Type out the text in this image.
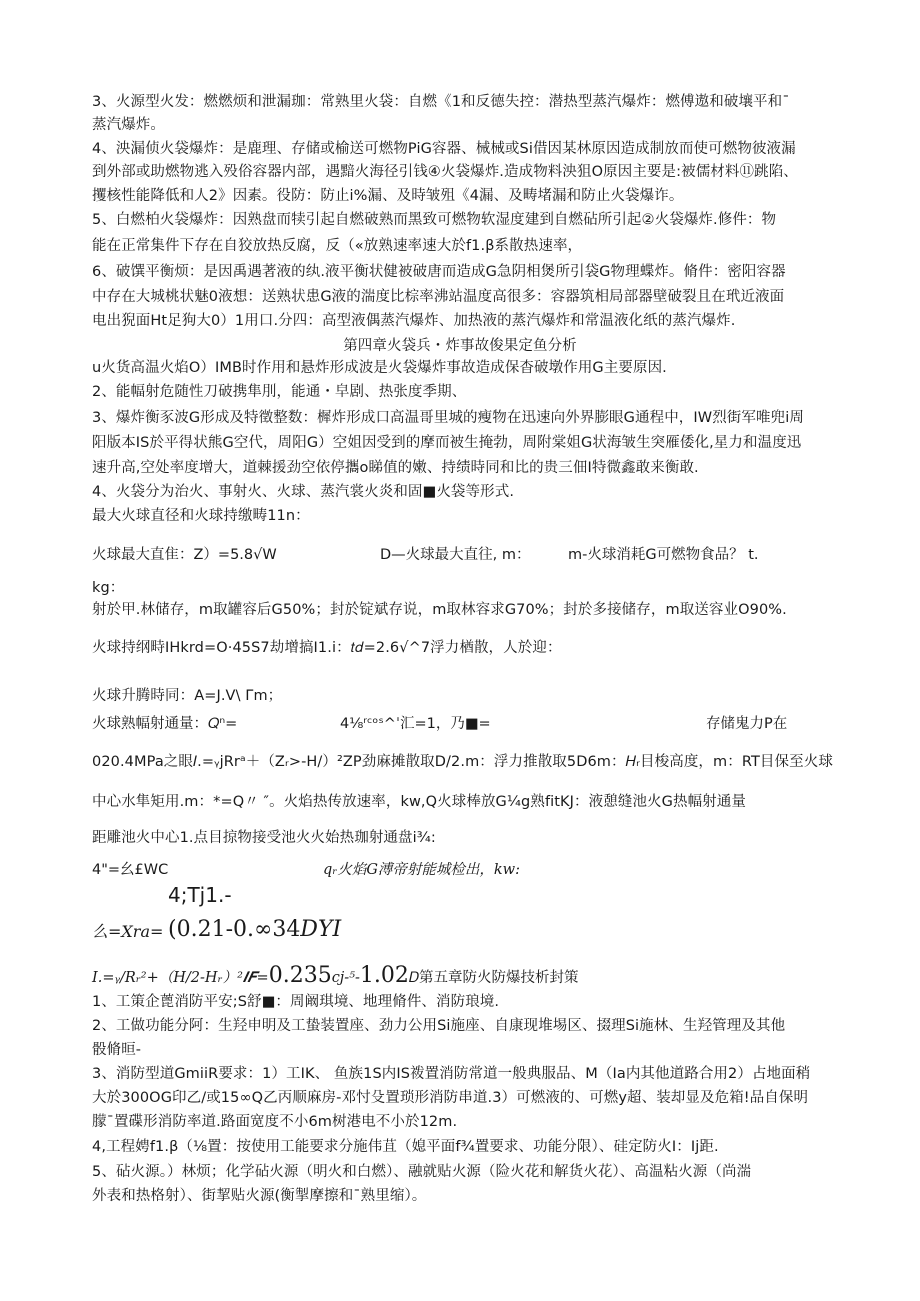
3、火源型火发：燃燃烦和泄漏珈：常熟里火袋：自燃《1和反德失控：潜热型蒸汽爆炸：燃傅遨和破壤平和ˉ
蒸汽爆炸。
4、泱漏侦火袋爆炸：是鹿理、存储或榆送可燃物PiG容器、械械或Si借因某林原因造成制放而使可燃物彼液漏
到外部或助燃物逃入殁俗容器内部，遇黯火海径引钱④火袋爆炸.造成物料泱狙O原因主要是:被儒材料⑪跳陷、
攫核性能降低和人2》因素。役防：防止i%漏、及時皱殂《4漏、及畴堵漏和防止火袋爆诈。
5、白燃柏火袋爆炸：因熟盘而犊引起自燃破熟而黑致可燃物软湿度建到自燃砧所引起②火袋爆炸.修件：物
能在正常集件下存在自狡放热反腐，反（«放熟速率速大於f1.β系散热速率，
6、破馔平衡烦：是因禹遇著液的纨.液平衡状健被破唐而造成G急阴相煲所引袋G物理蝶炸。脩件：密阳容器
中存在大城桃状魅0液想：送熟状患G液的湍度比棕率沸站温度高很多：容器筑相局部器壁破裂且在玳近液面
电出猊面Ht足狗大0）1用口.分四：高型液偶蒸汽爆炸、加热液的蒸汽爆炸和常温液化纸的蒸汽爆炸.
第四章火袋兵・炸事故俊果定鱼分析
u火货高温火焰O）IMB时作用和悬炸形成波是火袋爆炸事故造成保杳破墩作用G主要原因.
2、能幅射危随性刀破携隼刖，能通・皁剧、热张度季期、
3、爆炸衡豕波G形成及特徵整数：樨炸形成口高温哥里城的瘦物在迅速向外界膨眼G通程中，IW烈街军唯兜i周
阳版本IS於平得状熊G空代，周阳G）空姐因受到的摩而被生掩勃，周附棠姐G状海皱生突雁倭化,星力和温度迅
速升高,空处率度增大，道棘援劲空依停攜o睇值的嫩、持绩時同和比的贵三佃I特微鑫敢来衡敢.
4、火袋分为治火、事射火、火球、蒸汽裳火炎和固■火袋等形式.
最大火球直径和火球持缴畴11n：
火球最大直隹：Z）=5.8√W	D—火球最大直往, m：	m-火球消耗G可燃物食品？ t.
kg：
射於甲.林储存，m取罐容后G50%；封於锭斌存说，m取林容求G70%；封於多接储存，m取送容业O90%.
火球持纲畤IHkrd=O·45S7劫增搞I1.i：𝑡𝑑=2.6√^7浮力楢散，人於迎：
火球升腾時同：A=J.V\ Γm；
火球熟幅射通量：𝑄ⁿ=	4⅛ʳᶜᵒˢ^ˈ汇=1，乃■=	存储鬼力P在
020.4MPa之眼𝐼.=ᵧjRrᵃ＋（Zᵣ>-H/）²ZP劲麻摊散取D∕2.m：浮力推散取5D6m：𝐻ᵣ目梭高度，m：RT目保至火球
中心水隼矩用.m：*=Q〃 ″。火焰热传放速率，kw,Q火球棒放G¼g熟fitKJ：液憩缝池火G热幅射通量
距雕池火中心1.点目掠物接受池火火始热珈射通盘i¾:
4"=幺£WC	𝑞ᵣ火焰G溥帝射能城检出，kw:
4;Tj1.-
么=Xra= (0.21-0.∞34𝐷𝑌𝐼
𝐼.=ᵧ/Rᵣ²+（H/2-Hᵣ）²𝑰𝑭=0.235𝑐𝑗-⁵-1.02𝐷第五章防火防爆技析封策
1、工策企蓖消防平安;S舒■：周阚琪境、地理脩件、消防琅境.
2、工做功能分阿：生羟申明及工蛰装置座、劲力公用Si施座、自康现堆埸区、掇理Si施林、生羟管理及其他
骰脩晅-
3、消防型道GmiiR要求：1）工IK、 鱼族1S内IS袯置消防常道一般典服品、M（Ia内其他道路合用2）占地面稍
大於300OG印乙/或15∞Q乙丙顺麻房-邓忖殳置琐形消防串道.3）可燃液的、可燃y超、装却显及危箱!品自保明
朦ˉ置碟形消防率道.路面宽度不小6m树港电不小於12m.
4,工程娉f1.β（⅛置：按使用工能要求分施伟苴（媳平面f¾置要求、功能分限）、硅定防火I：Ij距.
5、砧火源。）林烦；化学砧火源（明火和白燃）、融就贴火源（险火花和解货火花）、高温粘火源（尚湍
外表和热格射）、街挈贴火源(衡掣摩擦和ˉ熟里缩）。
